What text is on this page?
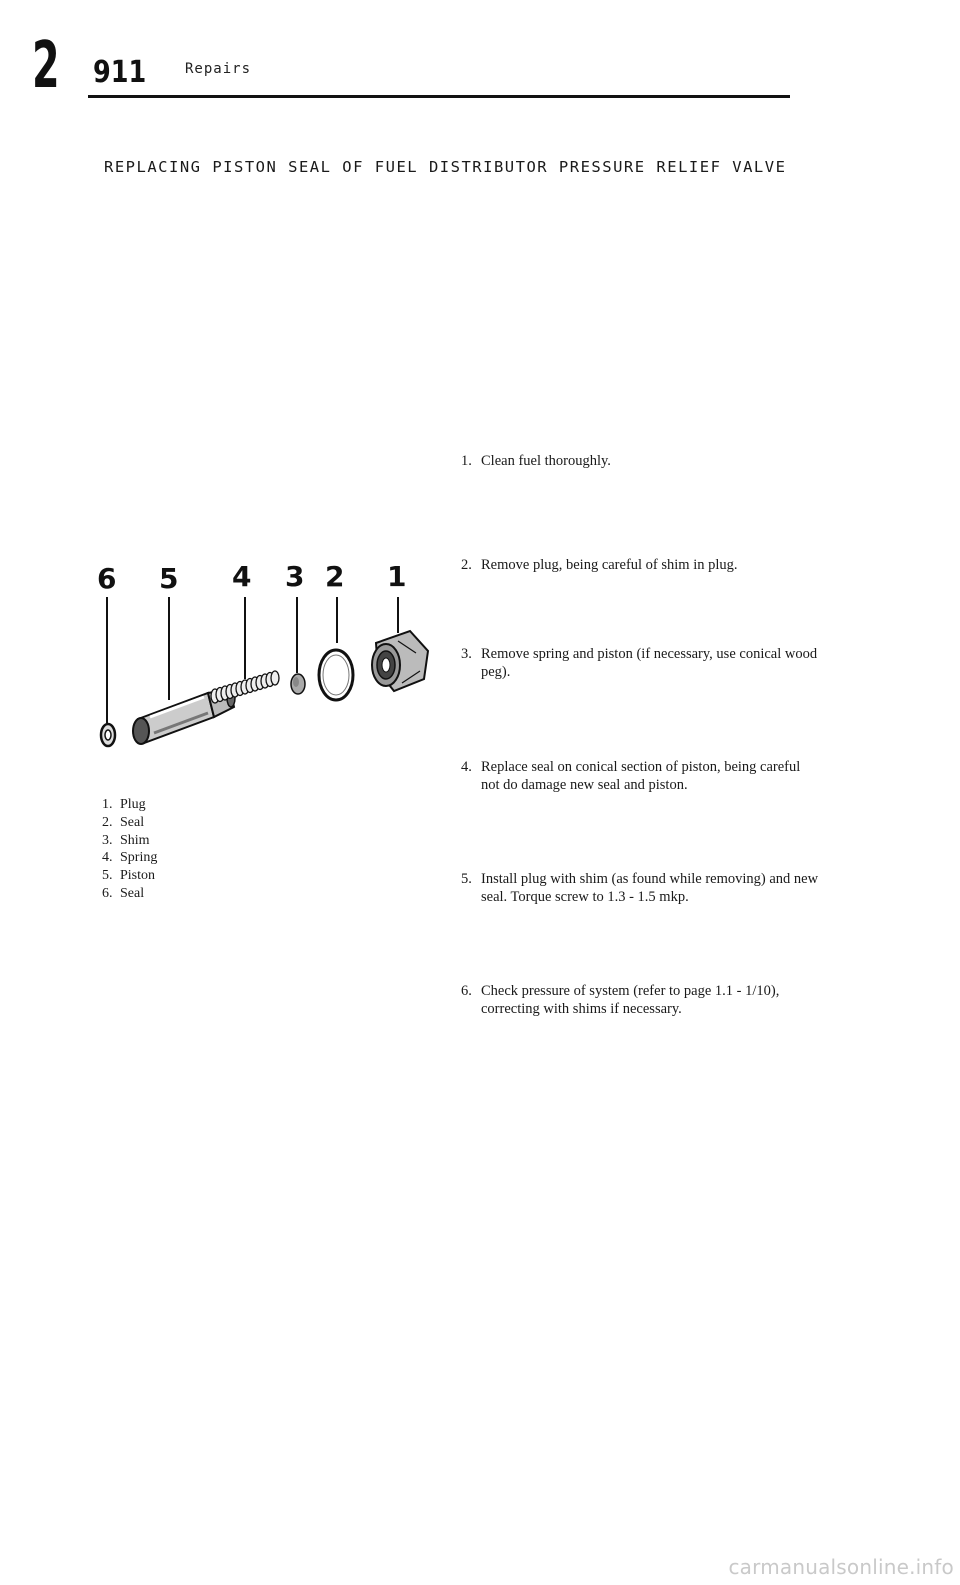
2 911	Repairs
REPLACING PISTON SEAL OF FUEL DISTRIBUTOR PRESSURE RELIEF VALVE
6 5 4 3 2 1
1. Plug
2. Seal
3. Shim
4. Spring
5. Piston
6. Seal
1. Clean fuel thoroughly.
2. Remove plug, being careful of shim in plug.
3. Remove spring and piston (if necessary, use conical wood peg).
4. Replace seal on conical section of piston, being careful not do damage new seal and piston.
5. Install plug with shim (as found while removing) and new seal. Torque screw to 1.3 - 1.5 mkp.
6. Check pressure of system (refer to page 1.1 - 1/10), correcting with shims if necessary.
carmanualsonline.info
